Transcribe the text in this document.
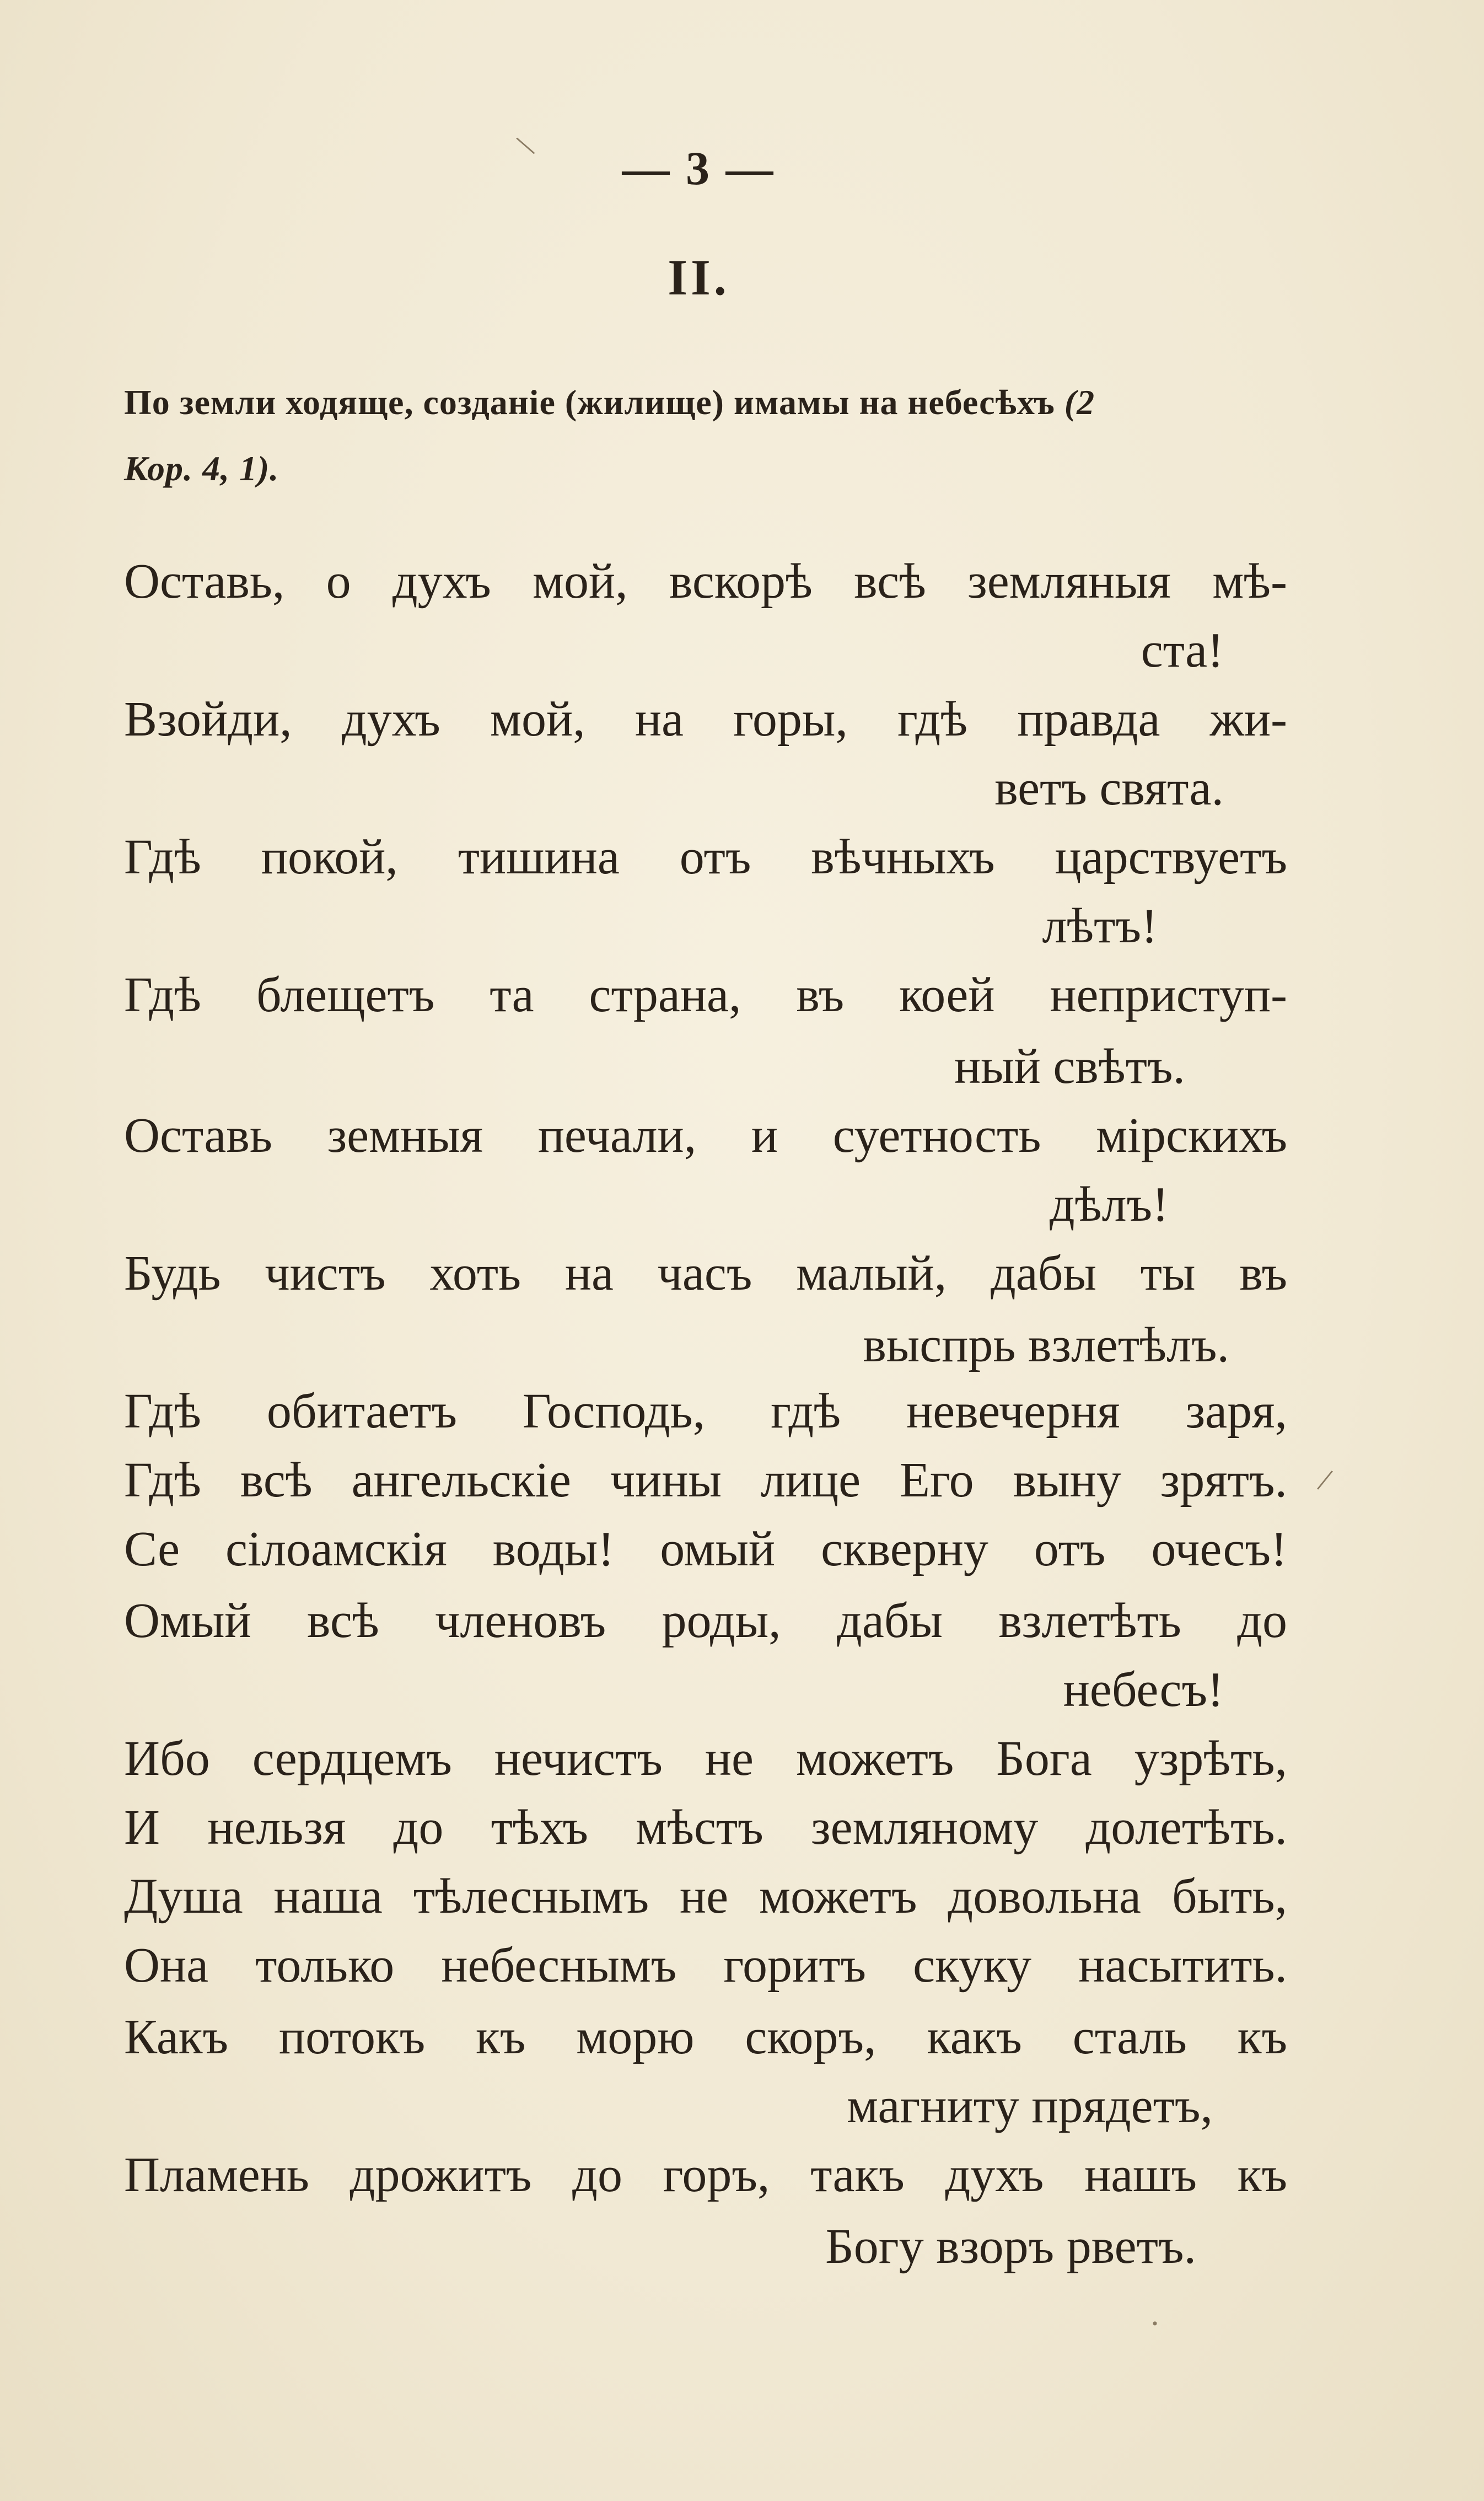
— 3 —
II.
По земли ходяще, созданіе (жилище) имамы на небесѣхъ (2
Кор. 4, 1).
Оставь, о духъ мой, вскорѣ всѣ земляныя мѣ-
ста!
Взойди, духъ мой, на горы, гдѣ правда жи-
ветъ свята.
Гдѣ покой, тишина отъ вѣчныхъ царствуетъ
лѣтъ!
Гдѣ блещетъ та страна, въ коей неприступ-
ный свѣтъ.
Оставь земныя печали, и суетность мірскихъ
дѣлъ!
Будь чистъ хоть на часъ малый, дабы ты въ
выспрь взлетѣлъ.
Гдѣ обитаетъ Господь, гдѣ невечерня заря,
Гдѣ всѣ ангельскіе чины лице Его выну зрятъ.
Се сілоамскія воды! омый скверну отъ очесъ!
Омый всѣ членовъ роды, дабы взлетѣть до
небесъ!
Ибо сердцемъ нечистъ не можетъ Бога узрѣть,
И нельзя до тѣхъ мѣстъ земляному долетѣть.
Душа наша тѣлеснымъ не можетъ довольна быть,
Она только небеснымъ горитъ скуку насытить.
Какъ потокъ къ морю скоръ, какъ сталь къ
магниту прядетъ,
Пламень дрожитъ до горъ, такъ духъ нашъ къ
Богу взоръ рветъ.
\
/
·
